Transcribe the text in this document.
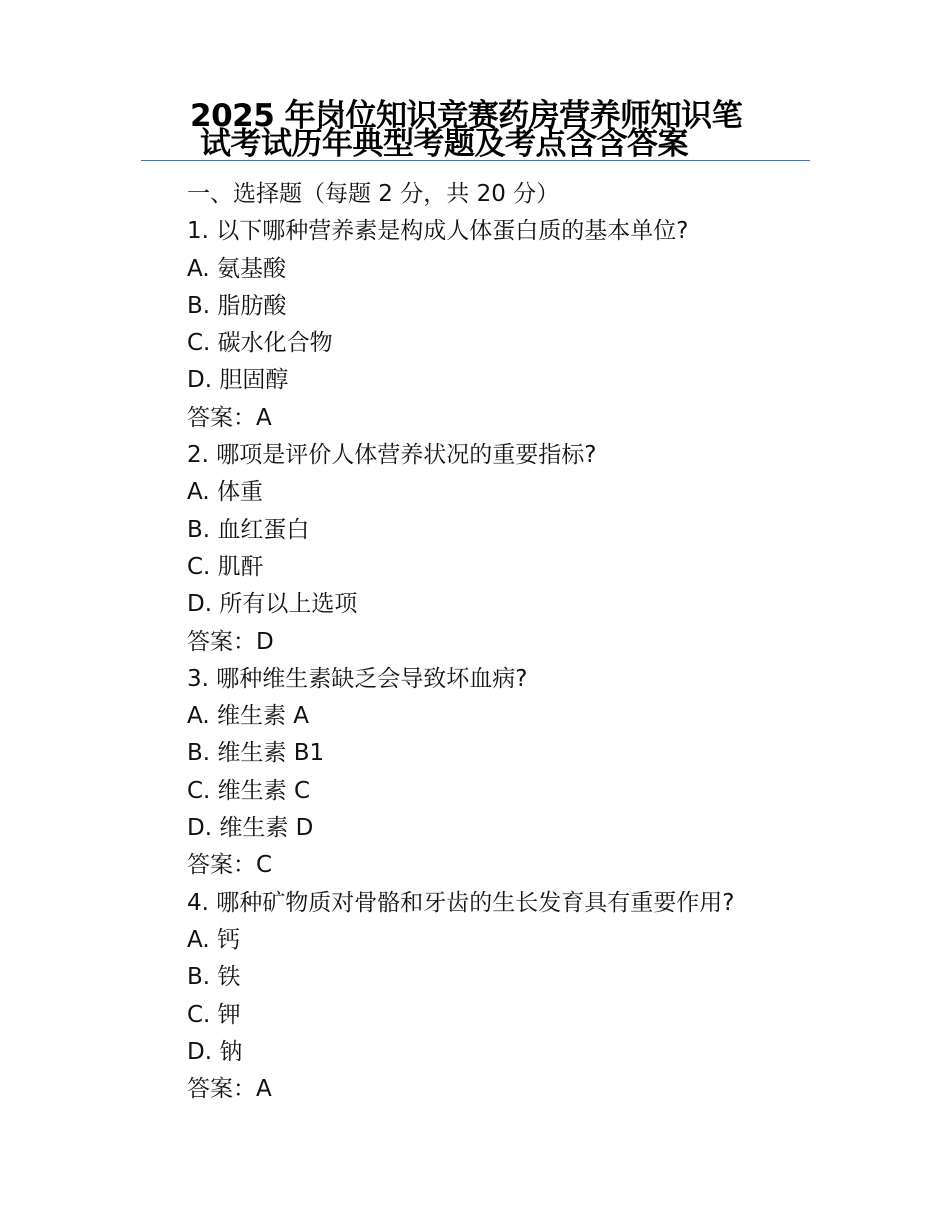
2025 年岗位知识竞赛药房营养师知识笔
试考试历年典型考题及考点含含答案
一、选择题（每题 2 分，共 20 分）
1. 以下哪种营养素是构成人体蛋白质的基本单位?
A. 氨基酸
B. 脂肪酸
C. 碳水化合物
D. 胆固醇
答案：A
2. 哪项是评价人体营养状况的重要指标?
A. 体重
B. 血红蛋白
C. 肌酐
D. 所有以上选项
答案：D
3. 哪种维生素缺乏会导致坏血病?
A. 维生素 A
B. 维生素 B1
C. 维生素 C
D. 维生素 D
答案：C
4. 哪种矿物质对骨骼和牙齿的生长发育具有重要作用?
A. 钙
B. 铁
C. 钾
D. 钠
答案：A
